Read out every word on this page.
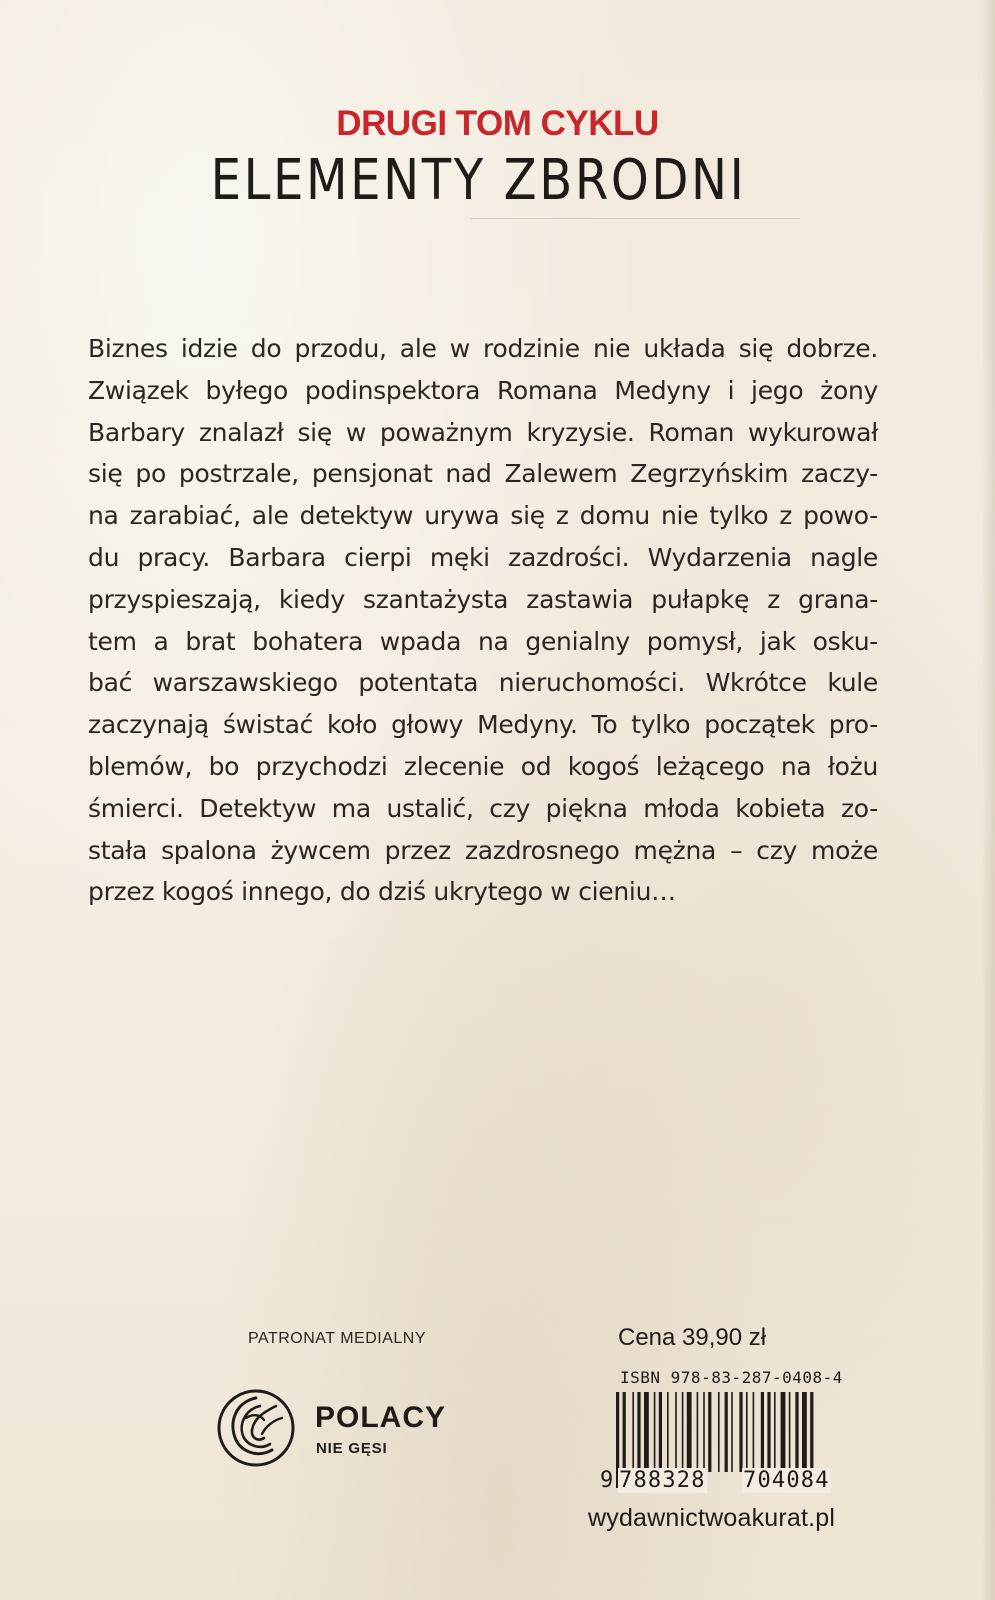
DRUGI TOM CYKLU
ELEMENTY ZBRODNI
Biznes idzie do przodu, ale w rodzinie nie układa się dobrze.
Związek byłego podinspektora Romana Medyny i jego żony
Barbary znalazł się w poważnym kryzysie. Roman wykurował
się po postrzale, pensjonat nad Zalewem Zegrzyńskim zaczy-
na zarabiać, ale detektyw urywa się z domu nie tylko z powo-
du pracy. Barbara cierpi męki zazdrości. Wydarzenia nagle
przyspieszają, kiedy szantażysta zastawia pułapkę z grana-
tem a brat bohatera wpada na genialny pomysł, jak osku-
bać warszawskiego potentata nieruchomości. Wkrótce kule
zaczynają świstać koło głowy Medyny. To tylko początek pro-
blemów, bo przychodzi zlecenie od kogoś leżącego na łożu
śmierci. Detektyw ma ustalić, czy piękna młoda kobieta zo-
stała spalona żywcem przez zazdrosnego mężna – czy może
przez kogoś innego, do dziś ukrytego w cieniu…
PATRONAT MEDIALNY
POLACY
NIE GĘSI
Cena 39,90 zł
ISBN 978-83-287-0408-4
9 788328 704084
wydawnictwoakurat.pl
